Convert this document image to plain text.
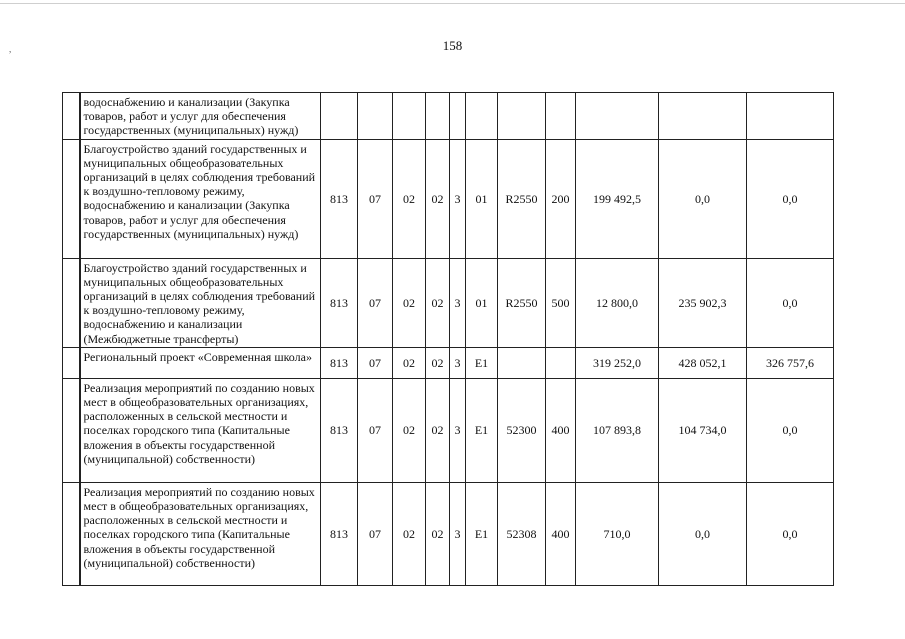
,	158
	водоснабжению и канализации (Закупка товаров, работ и услуг для обеспечения государственных (муниципальных) нужд)											
	Благоустройство зданий государственных и муниципальных общеобразовательных организаций в целях соблюдения требований к воздушно-тепловому режиму, водоснабжению и канализации (Закупка товаров, работ и услуг для обеспечения государственных (муниципальных) нужд)	813	07	02	02	3	01	R2550	200	199 492,5	0,0	0,0
	Благоустройство зданий государственных и муниципальных общеобразовательных организаций в целях соблюдения требований к воздушно-тепловому режиму, водоснабжению и канализации (Межбюджетные трансферты)	813	07	02	02	3	01	R2550	500	12 800,0	235 902,3	0,0
	Региональный проект «Современная школа»	813	07	02	02	3	E1			319 252,0	428 052,1	326 757,6
	Реализация мероприятий по созданию новых мест в общеобразовательных организациях, расположенных в сельской местности и поселках городского типа (Капитальные вложения в объекты государственной (муниципальной) собственности)	813	07	02	02	3	E1	52300	400	107 893,8	104 734,0	0,0
	Реализация мероприятий по созданию новых мест в общеобразовательных организациях, расположенных в сельской местности и поселках городского типа (Капитальные вложения в объекты государственной (муниципальной) собственности)	813	07	02	02	3	E1	52308	400	710,0	0,0	0,0
